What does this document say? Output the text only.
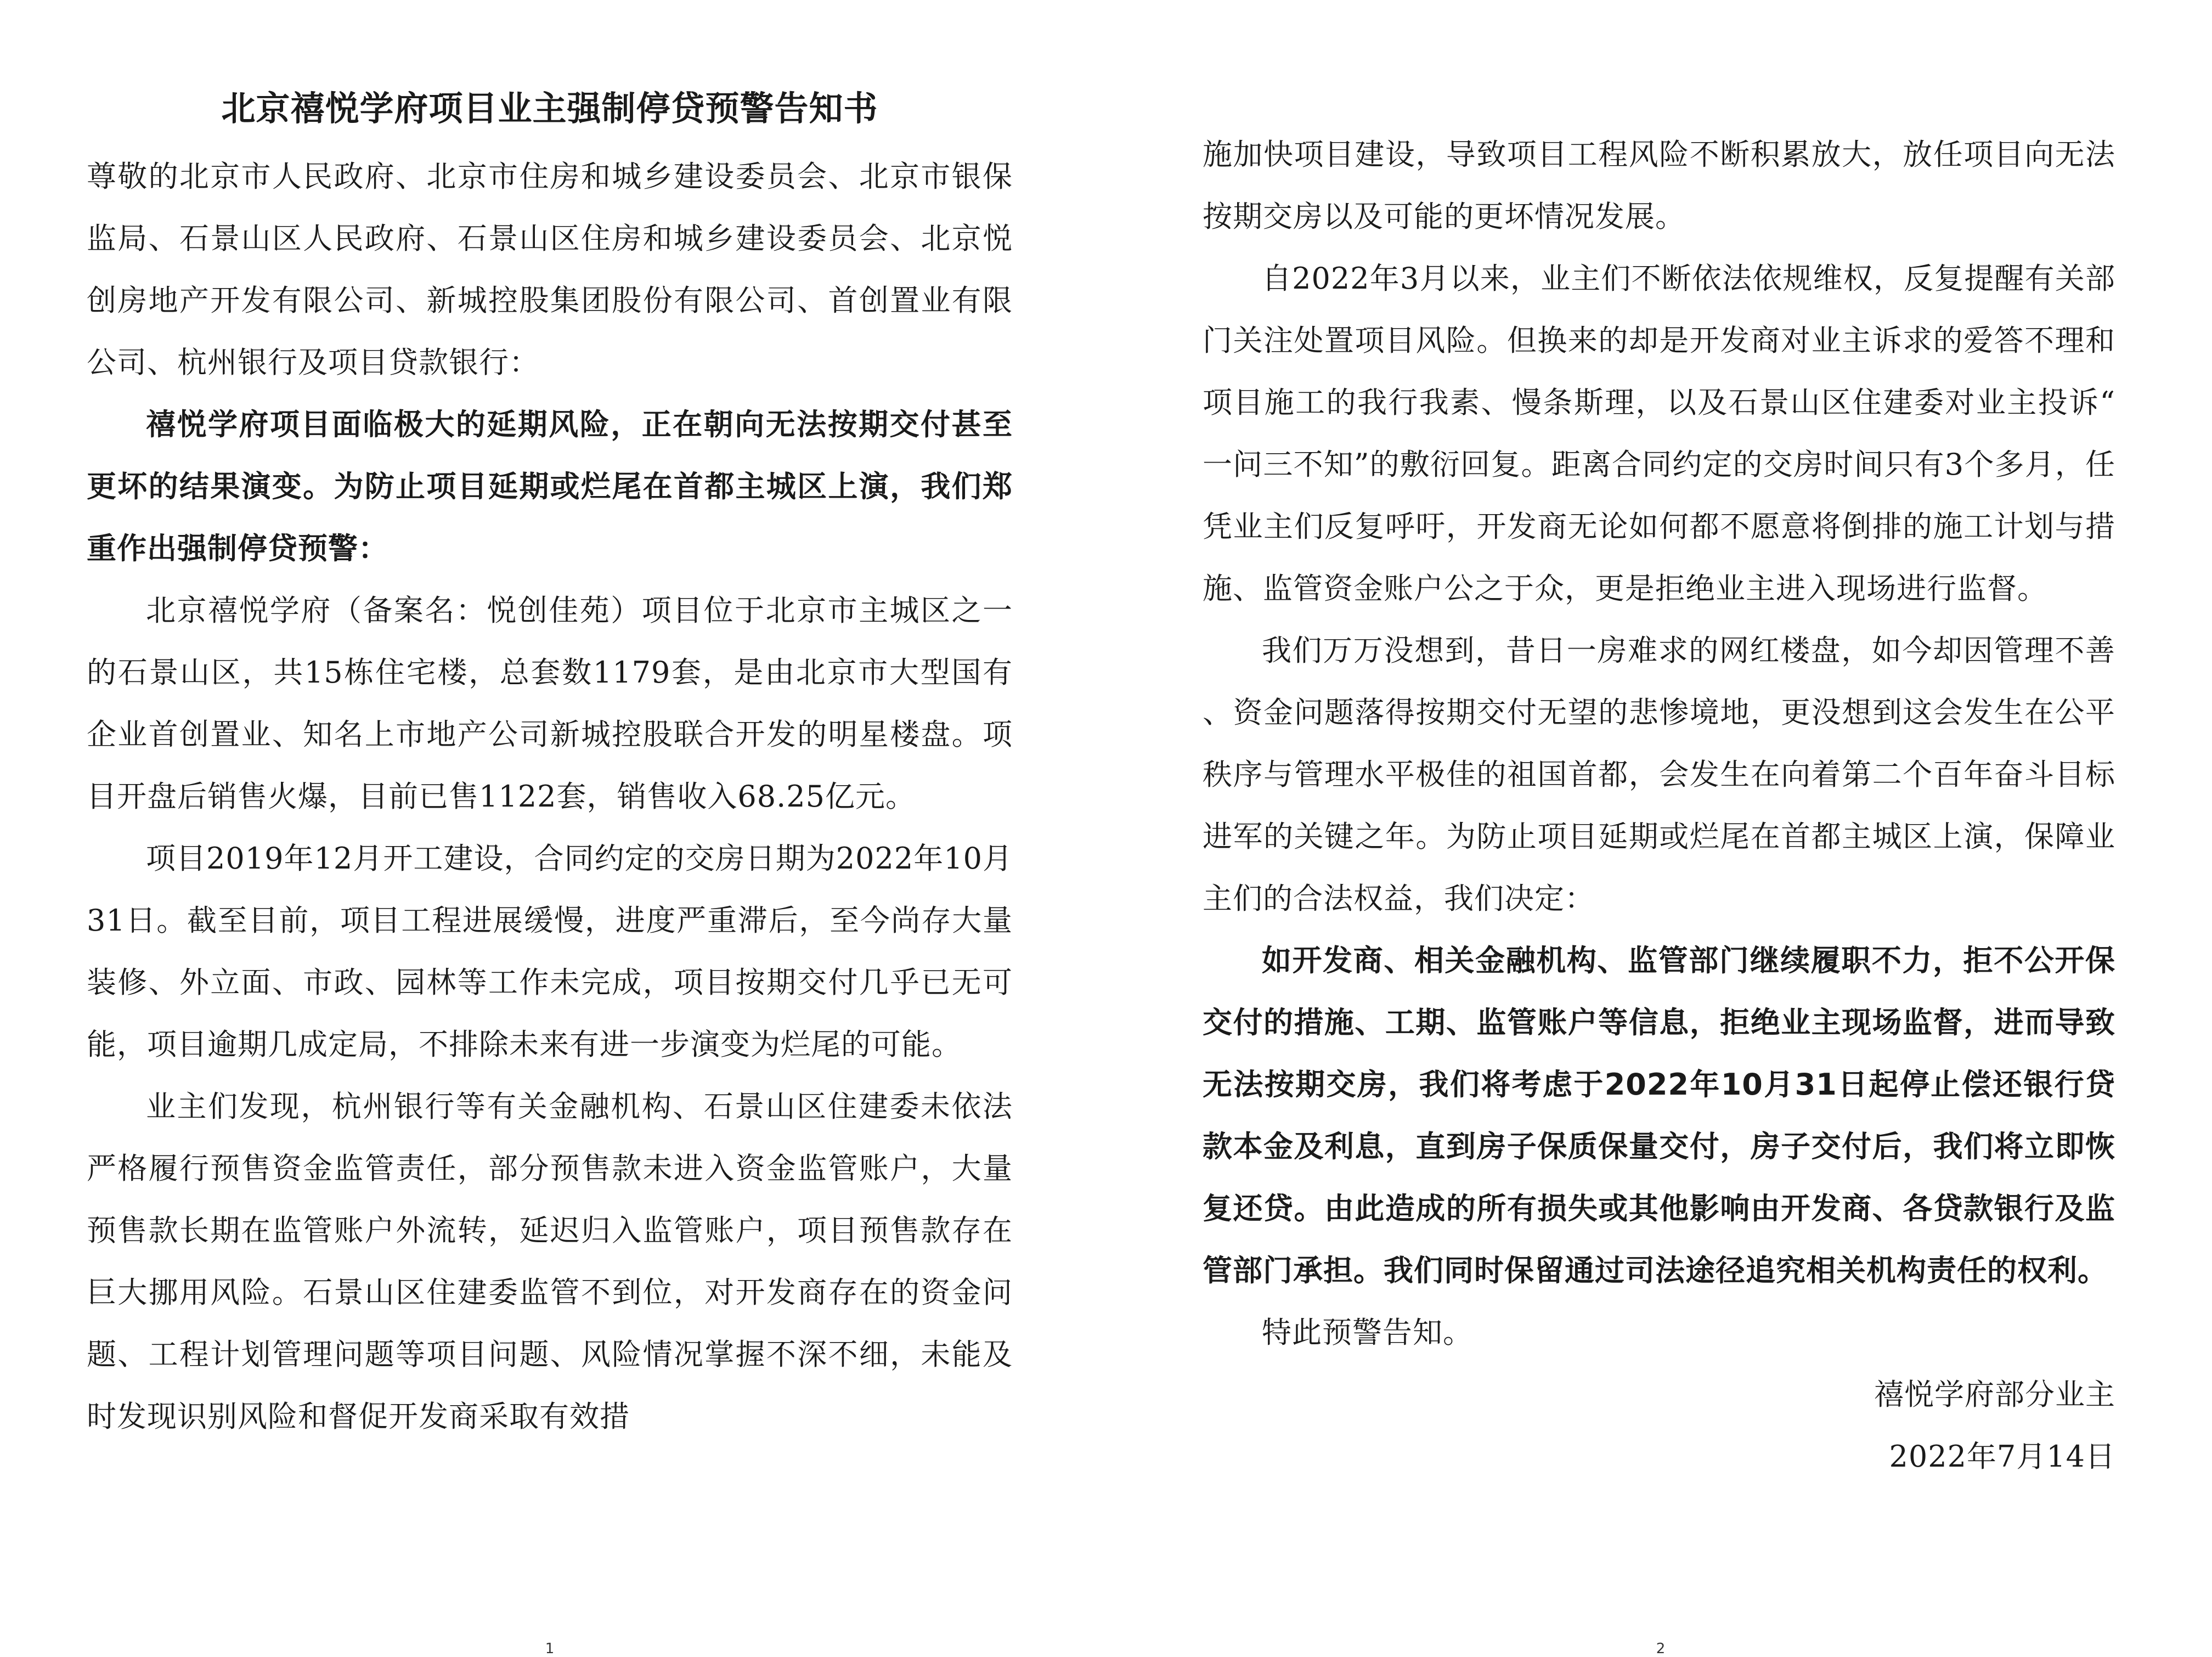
北京禧悦学府项目业主强制停贷预警告知书

尊敬的北京市人民政府、北京市住房和城乡建设委员会、北京市银保监局、石景山区人民政府、石景山区住房和城乡建设委员会、北京悦创房地产开发有限公司、新城控股集团股份有限公司、首创置业有限公司、杭州银行及项目贷款银行：

禧悦学府项目面临极大的延期风险，正在朝向无法按期交付甚至更坏的结果演变。为防止项目延期或烂尾在首都主城区上演，我们郑重作出强制停贷预警：

北京禧悦学府（备案名：悦创佳苑）项目位于北京市主城区之一的石景山区，共15栋住宅楼，总套数1179套，是由北京市大型国有企业首创置业、知名上市地产公司新城控股联合开发的明星楼盘。项目开盘后销售火爆，目前已售1122套，销售收入68.25亿元。

项目2019年12月开工建设，合同约定的交房日期为2022年10月31日。截至目前，项目工程进展缓慢，进度严重滞后，至今尚存大量装修、外立面、市政、园林等工作未完成，项目按期交付几乎已无可能，项目逾期几成定局，不排除未来有进一步演变为烂尾的可能。

业主们发现，杭州银行等有关金融机构、石景山区住建委未依法严格履行预售资金监管责任，部分预售款未进入资金监管账户，大量预售款长期在监管账户外流转，延迟归入监管账户，项目预售款存在巨大挪用风险。石景山区住建委监管不到位，对开发商存在的资金问题、工程计划管理问题等项目问题、风险情况掌握不深不细，未能及时发现识别风险和督促开发商采取有效措

1

施加快项目建设，导致项目工程风险不断积累放大，放任项目向无法按期交房以及可能的更坏情况发展。

自2022年3月以来，业主们不断依法依规维权，反复提醒有关部门关注处置项目风险。但换来的却是开发商对业主诉求的爱答不理和项目施工的我行我素、慢条斯理，以及石景山区住建委对业主投诉“一问三不知”的敷衍回复。距离合同约定的交房时间只有3个多月，任凭业主们反复呼吁，开发商无论如何都不愿意将倒排的施工计划与措施、监管资金账户公之于众，更是拒绝业主进入现场进行监督。

我们万万没想到，昔日一房难求的网红楼盘，如今却因管理不善、资金问题落得按期交付无望的悲惨境地，更没想到这会发生在公平秩序与管理水平极佳的祖国首都，会发生在向着第二个百年奋斗目标进军的关键之年。为防止项目延期或烂尾在首都主城区上演，保障业主们的合法权益，我们决定：

如开发商、相关金融机构、监管部门继续履职不力，拒不公开保交付的措施、工期、监管账户等信息，拒绝业主现场监督，进而导致无法按期交房，我们将考虑于2022年10月31日起停止偿还银行贷款本金及利息，直到房子保质保量交付，房子交付后，我们将立即恢复还贷。由此造成的所有损失或其他影响由开发商、各贷款银行及监管部门承担。我们同时保留通过司法途径追究相关机构责任的权利。

特此预警告知。

禧悦学府部分业主

2022年7月14日

2
